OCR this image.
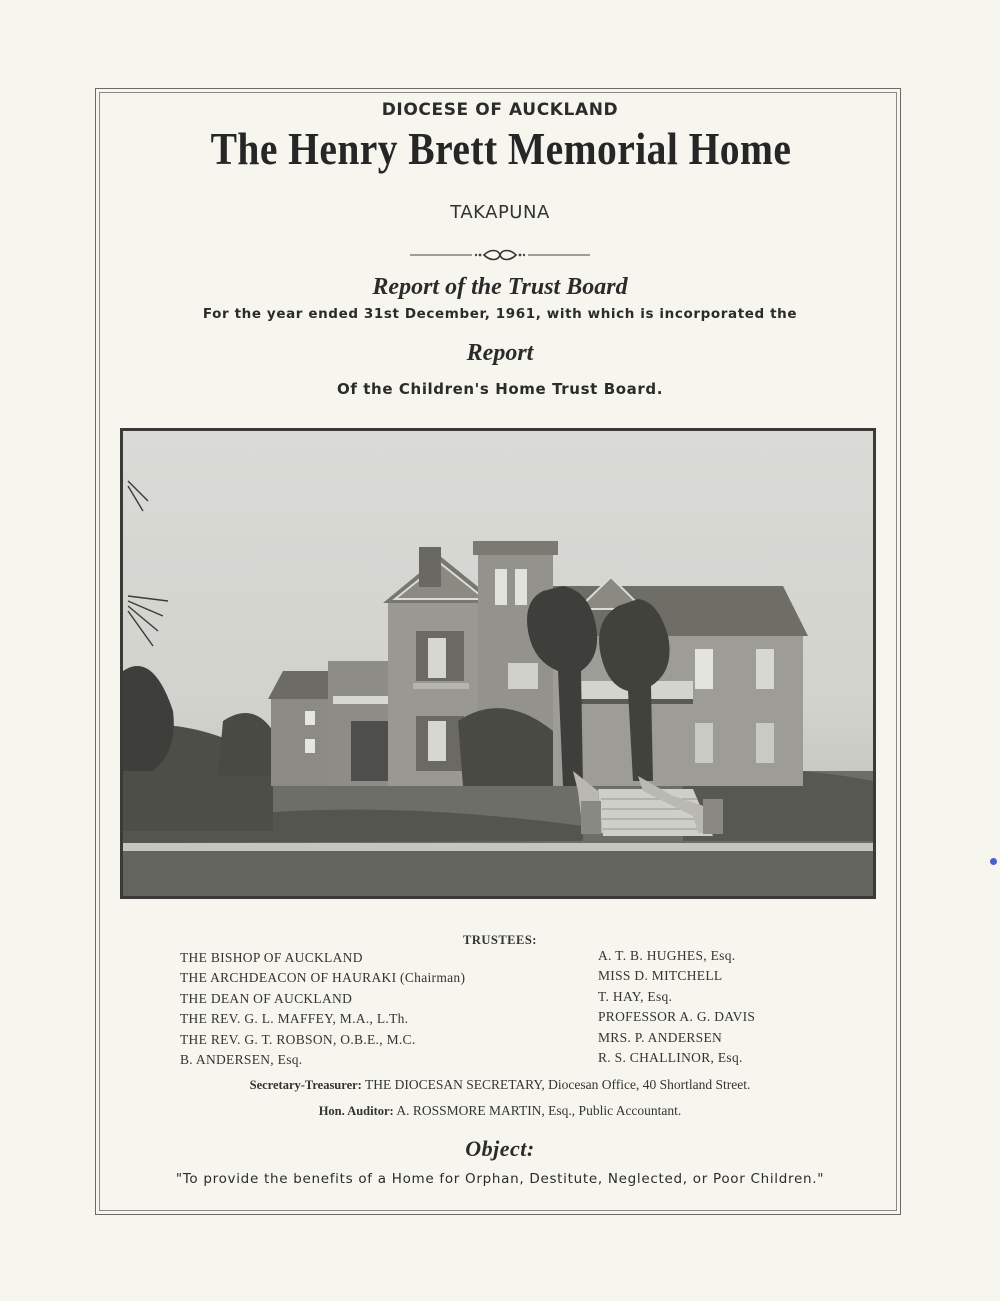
DIOCESE OF AUCKLAND
The Henry Brett Memorial Home
TAKAPUNA
Report of the Trust Board
For the year ended 31st December, 1961, with which is incorporated the
Report
Of the Children's Home Trust Board.
TRUSTEES:
THE BISHOP OF AUCKLAND
THE ARCHDEACON OF HAURAKI (Chairman)
THE DEAN OF AUCKLAND
THE REV. G. L. MAFFEY, M.A., L.Th.
THE REV. G. T. ROBSON, O.B.E., M.C.
B. ANDERSEN, Esq.
A. T. B. HUGHES, Esq.
MISS D. MITCHELL
T. HAY, Esq.
PROFESSOR A. G. DAVIS
MRS. P. ANDERSEN
R. S. CHALLINOR, Esq.
Secretary-Treasurer: THE DIOCESAN SECRETARY, Diocesan Office, 40 Shortland Street.
Hon. Auditor: A. ROSSMORE MARTIN, Esq., Public Accountant.
Object:
"To provide the benefits of a Home for Orphan, Destitute, Neglected, or Poor Children."
